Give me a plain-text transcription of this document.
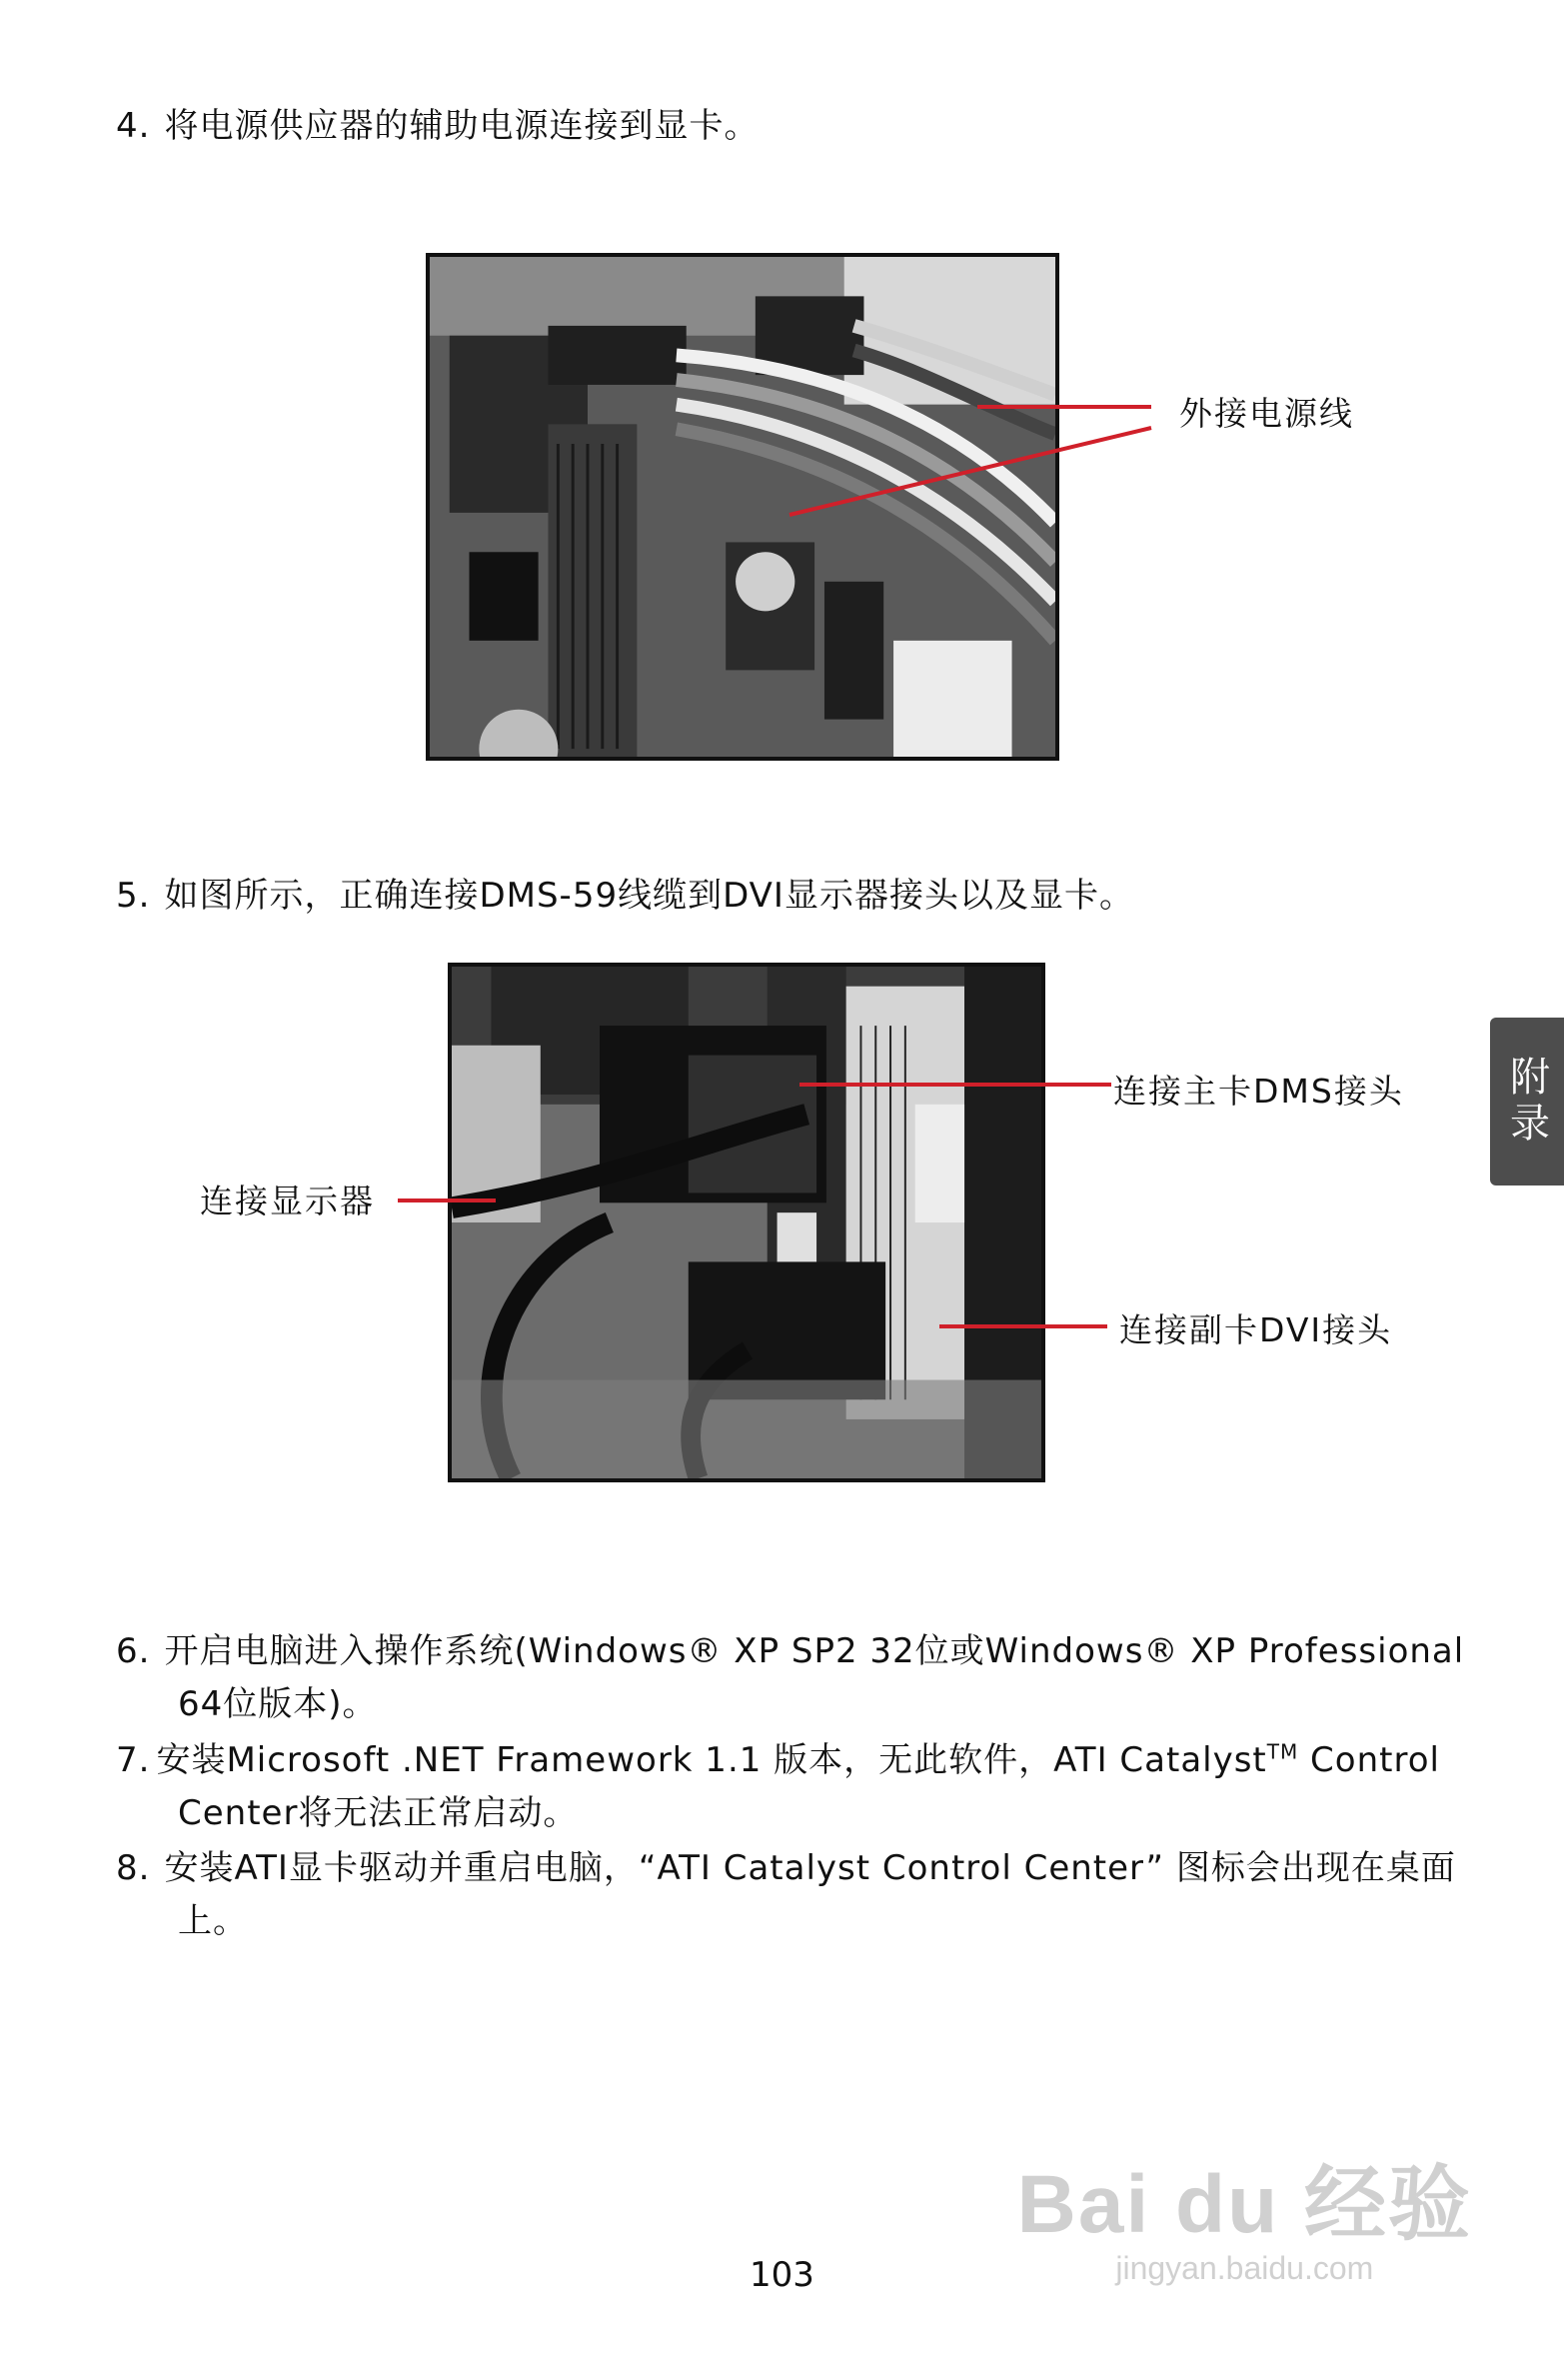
4. 将电源供应器的辅助电源连接到显卡。
外接电源线
5. 如图所示，正确连接DMS-59线缆到DVI显示器接头以及显卡。
连接主卡DMS接头
连接显示器
连接副卡DVI接头
6. 开启电脑进入操作系统(Windows® XP SP2 32位或Windows® XP Professional
64位版本)。
7. 安装Microsoft .NET Framework 1.1 版本，无此软件，ATI Catalyst™ Control
Center将无法正常启动。
8. 安装ATI显卡驱动并重启电脑，“ATI Catalyst Control Center” 图标会出现在桌面
上。
附录
103
Bai du 经验
jingyan.baidu.com
